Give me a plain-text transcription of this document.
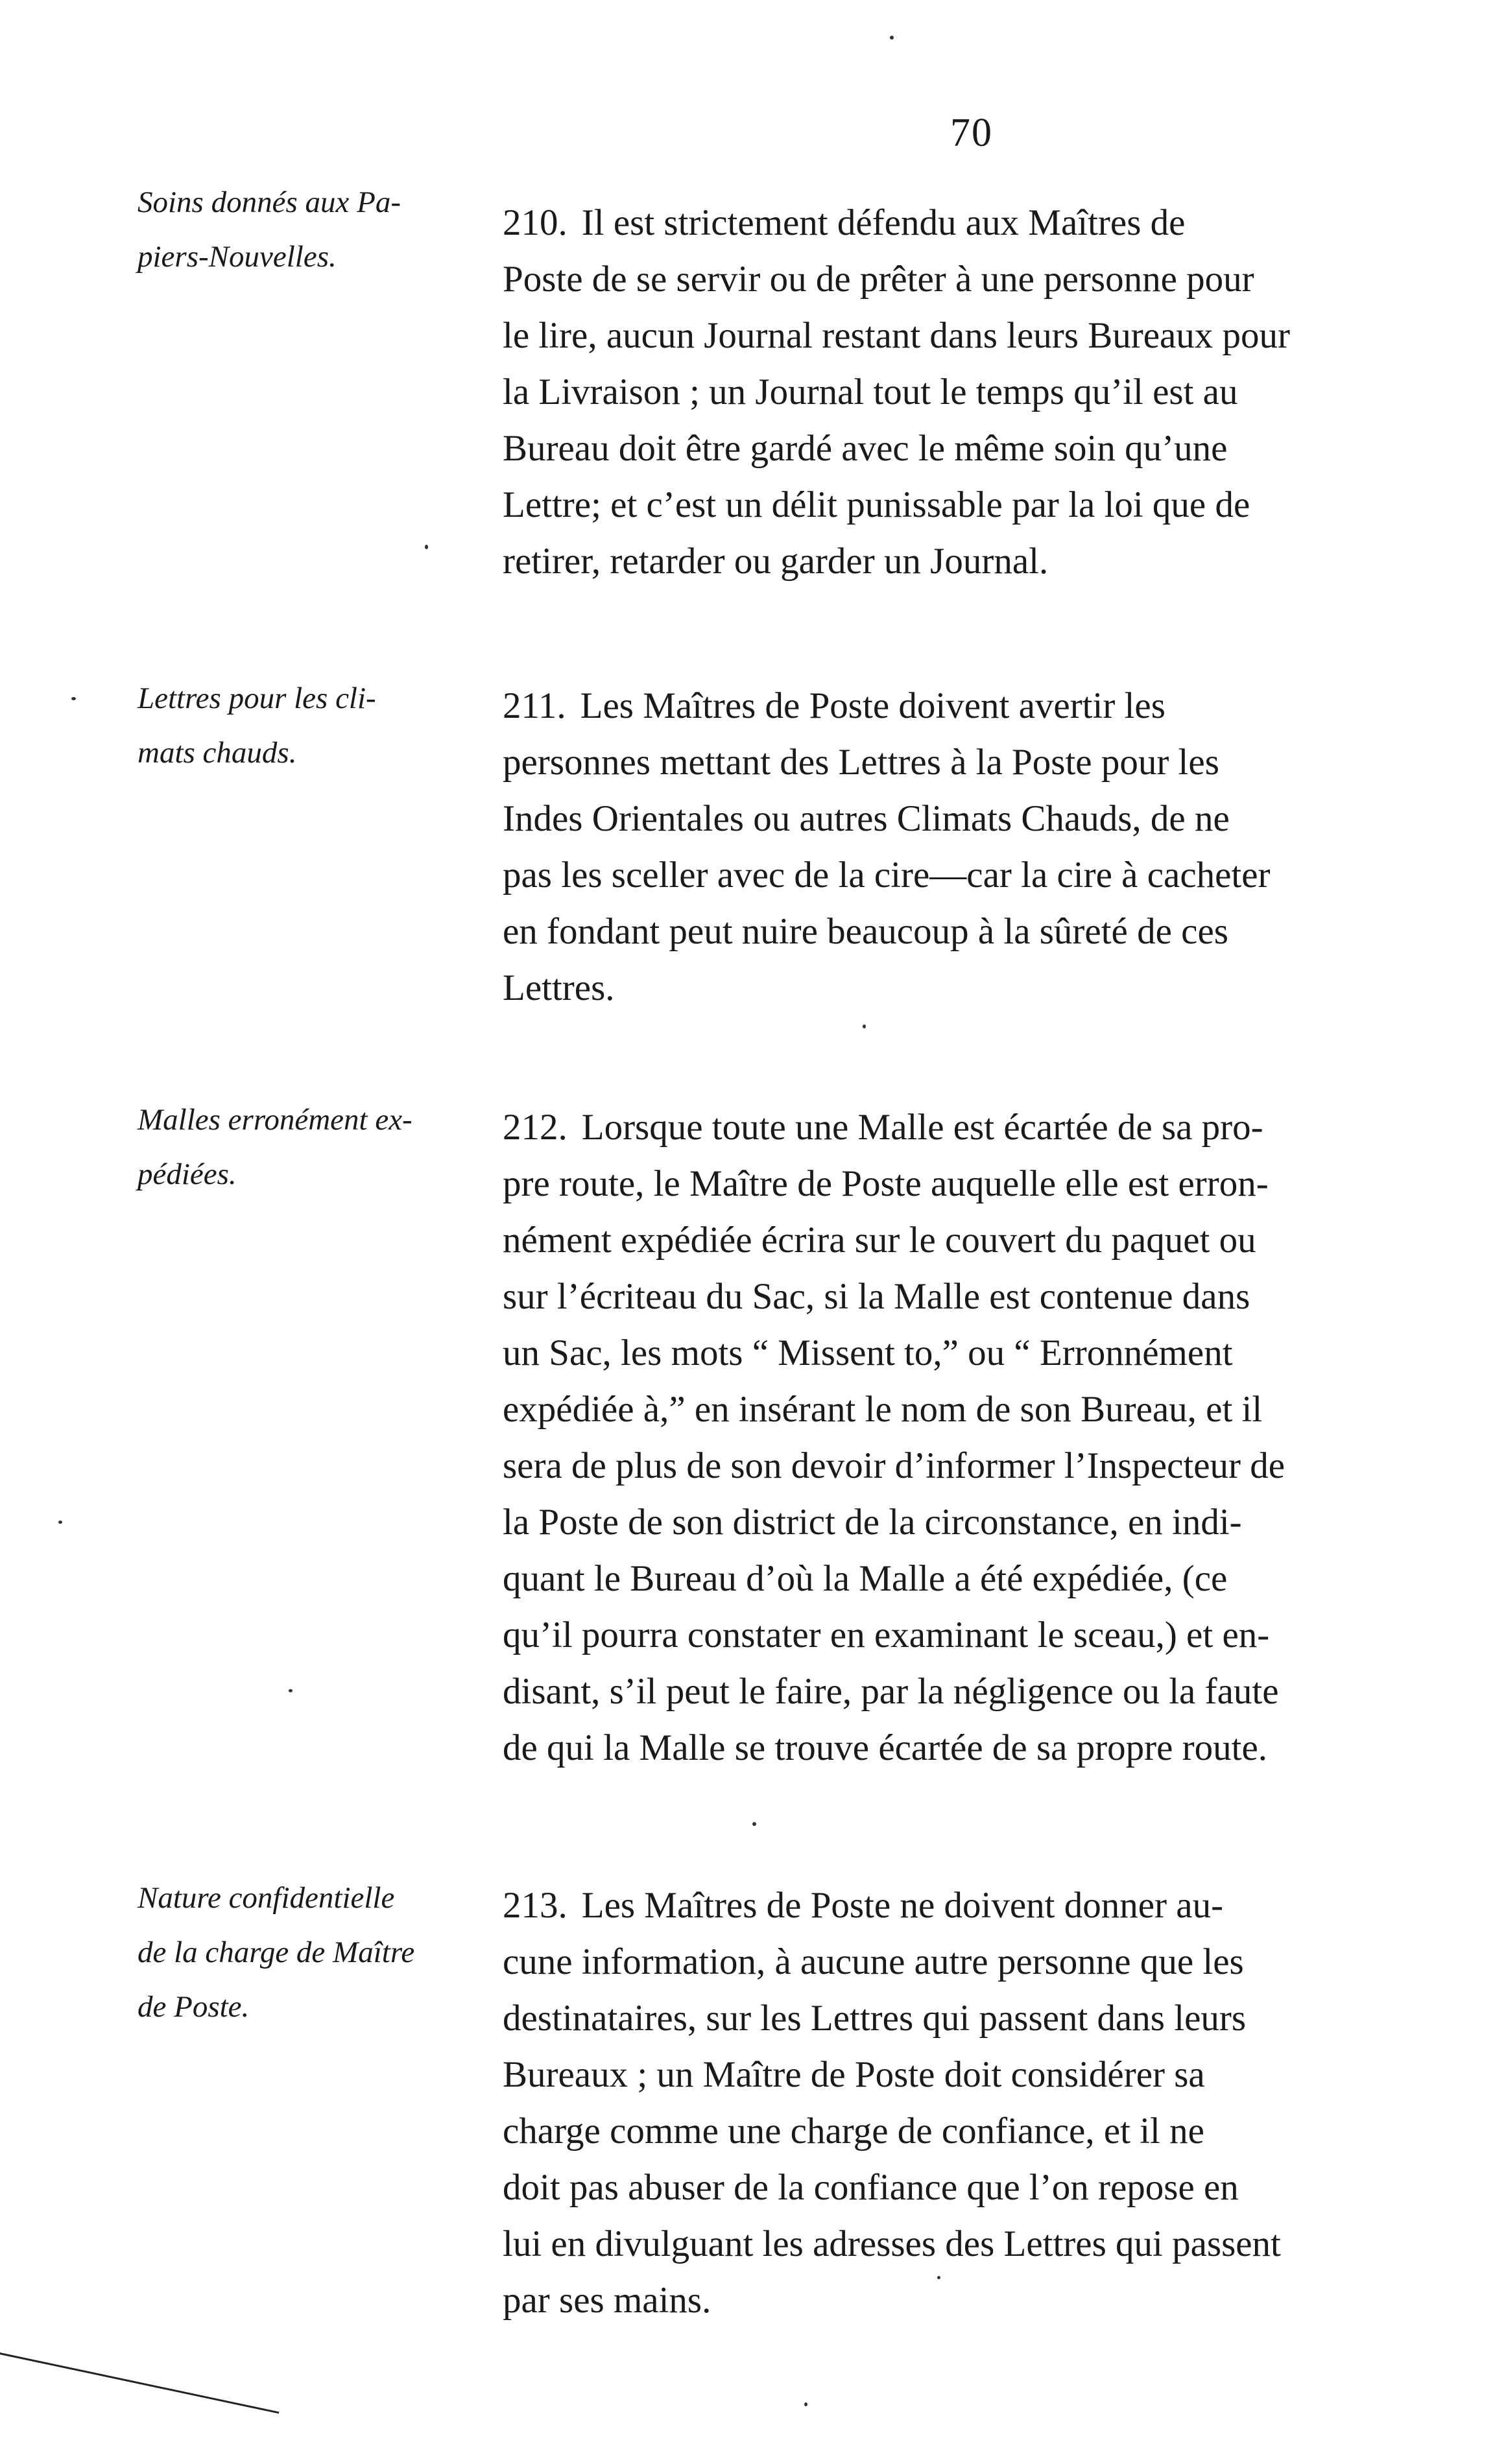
70
Soins donnés aux Pa-
piers-Nouvelles.
210. Il est strictement défendu aux Maîtres de
Poste de se servir ou de prêter à une personne pour
le lire, aucun Journal restant dans leurs Bureaux pour
la Livraison ; un Journal tout le temps qu’il est au
Bureau doit être gardé avec le même soin qu’une
Lettre; et c’est un délit punissable par la loi que de
retirer, retarder ou garder un Journal.
Lettres pour les cli-
mats chauds.
211. Les Maîtres de Poste doivent avertir les
personnes mettant des Lettres à la Poste pour les
Indes Orientales ou autres Climats Chauds, de ne
pas les sceller avec de la cire—car la cire à cacheter
en fondant peut nuire beaucoup à la sûreté de ces
Lettres.
Malles erronément ex-
pédiées.
212. Lorsque toute une Malle est écartée de sa pro-
pre route, le Maître de Poste auquelle elle est erron-
nément expédiée écrira sur le couvert du paquet ou
sur l’écriteau du Sac, si la Malle est contenue dans
un Sac, les mots “ Missent to,” ou “ Erronnément
expédiée à,” en insérant le nom de son Bureau, et il
sera de plus de son devoir d’informer l’Inspecteur de
la Poste de son district de la circonstance, en indi-
quant le Bureau d’où la Malle a été expédiée, (ce
qu’il pourra constater en examinant le sceau,) et en-
disant, s’il peut le faire, par la négligence ou la faute
de qui la Malle se trouve écartée de sa propre route.
Nature confidentielle
de la charge de Maître
de Poste.
213. Les Maîtres de Poste ne doivent donner au-
cune information, à aucune autre personne que les
destinataires, sur les Lettres qui passent dans leurs
Bureaux ; un Maître de Poste doit considérer sa
charge comme une charge de confiance, et il ne
doit pas abuser de la confiance que l’on repose en
lui en divulguant les adresses des Lettres qui passent
par ses mains.
